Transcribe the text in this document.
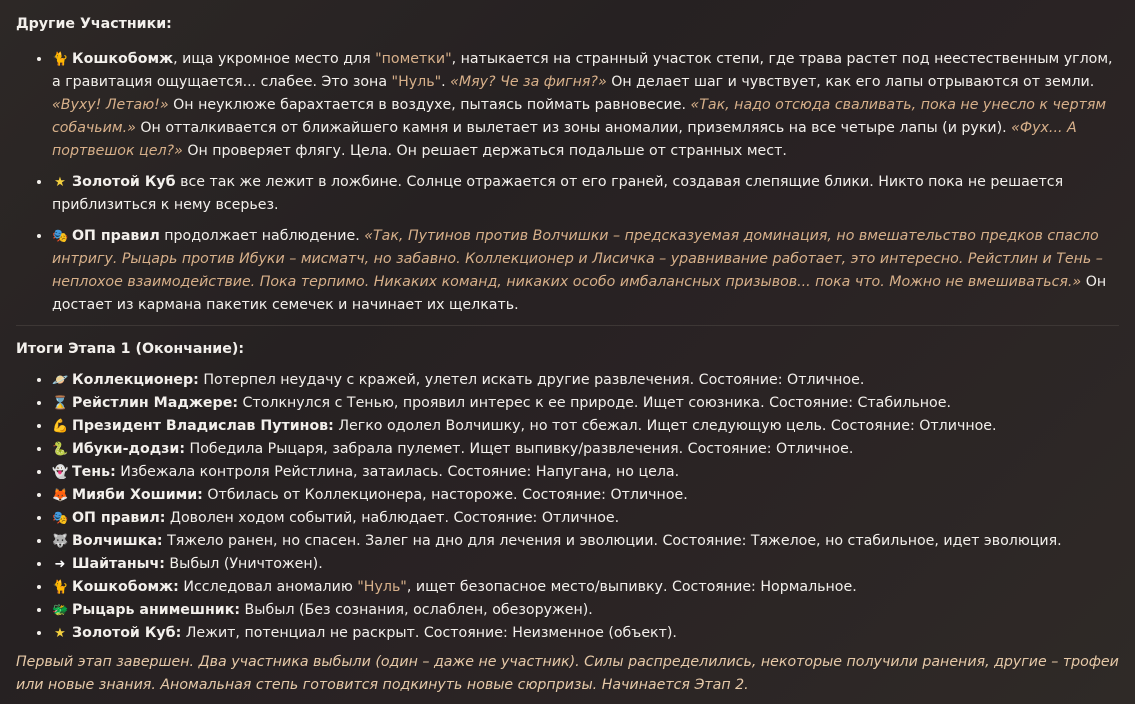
Другие Участники:
• 🐈 Кошкобомж, ища укромное место для "пометки", натыкается на странный участок степи, где трава растет под неестественным углом, а гравитация ощущается... слабее. Это зона "Нуль". «Мяу? Че за фигня?» Он делает шаг и чувствует, как его лапы отрываются от земли. «Вуху! Летаю!» Он неуклюже барахтается в воздухе, пытаясь поймать равновесие. «Так, надо отсюда сваливать, пока не унесло к чертям собачьим.» Он отталкивается от ближайшего камня и вылетает из зоны аномалии, приземляясь на все четыре лапы (и руки). «Фух... А портвешок цел?» Он проверяет флягу. Цела. Он решает держаться подальше от странных мест.
• ★ Золотой Куб все так же лежит в ложбине. Солнце отражается от его граней, создавая слепящие блики. Никто пока не решается приблизиться к нему всерьез.
• 🎭 ОП правил продолжает наблюдение. «Так, Путинов против Волчишки – предсказуемая доминация, но вмешательство предков спасло интригу. Рыцарь против Ибуки – мисматч, но забавно. Коллекционер и Лисичка – уравнивание работает, это интересно. Рейстлин и Тень – неплохое взаимодействие. Пока терпимо. Никаких команд, никаких особо имбалансных призывов... пока что. Можно не вмешиваться.» Он достает из кармана пакетик семечек и начинает их щелкать.
Итоги Этапа 1 (Окончание):
• 🪐 Коллекционер: Потерпел неудачу с кражей, улетел искать другие развлечения. Состояние: Отличное.
• ⌛ Рейстлин Маджере: Столкнулся с Тенью, проявил интерес к ее природе. Ищет союзника. Состояние: Стабильное.
• 💪 Президент Владислав Путинов: Легко одолел Волчишку, но тот сбежал. Ищет следующую цель. Состояние: Отличное.
• 🐍 Ибуки-додзи: Победила Рыцаря, забрала пулемет. Ищет выпивку/развлечения. Состояние: Отличное.
• 👻 Тень: Избежала контроля Рейстлина, затаилась. Состояние: Напугана, но цела.
• 🦊 Мияби Хошими: Отбилась от Коллекционера, настороже. Состояние: Отличное.
• 🎭 ОП правил: Доволен ходом событий, наблюдает. Состояние: Отличное.
• 🐺 Волчишка: Тяжело ранен, но спасен. Залег на дно для лечения и эволюции. Состояние: Тяжелое, но стабильное, идет эволюция.
• ➜ Шайтаныч: Выбыл (Уничтожен).
• 🐈 Кошкобомж: Исследовал аномалию "Нуль", ищет безопасное место/выпивку. Состояние: Нормальное.
• 🐲 Рыцарь анимешник: Выбыл (Без сознания, ослаблен, обезоружен).
• ★ Золотой Куб: Лежит, потенциал не раскрыт. Состояние: Неизменное (объект).
Первый этап завершен. Два участника выбыли (один – даже не участник). Силы распределились, некоторые получили ранения, другие – трофеи или новые знания. Аномальная степь готовится подкинуть новые сюрпризы. Начинается Этап 2.
